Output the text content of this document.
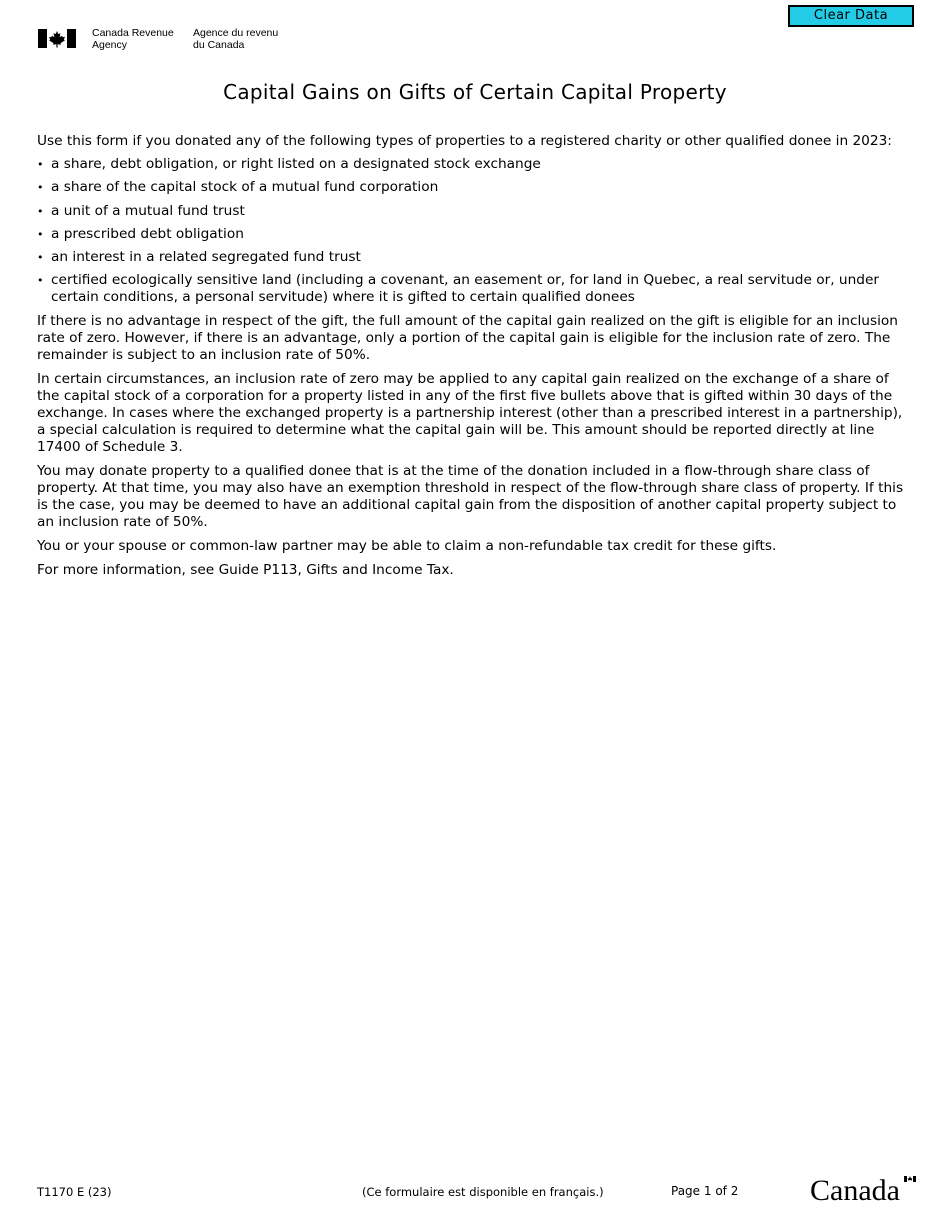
Clear Data
Canada Revenue
Agency
Agence du revenu
du Canada
Capital Gains on Gifts of Certain Capital Property

Use this form if you donated any of the following types of properties to a registered charity or other qualified donee in 2023:

• a share, debt obligation, or right listed on a designated stock exchange
• a share of the capital stock of a mutual fund corporation
• a unit of a mutual fund trust
• a prescribed debt obligation
• an interest in a related segregated fund trust
• certified ecologically sensitive land (including a covenant, an easement or, for land in Quebec, a real servitude or, under certain conditions, a personal servitude) where it is gifted to certain qualified donees

If there is no advantage in respect of the gift, the full amount of the capital gain realized on the gift is eligible for an inclusion rate of zero. However, if there is an advantage, only a portion of the capital gain is eligible for the inclusion rate of zero. The remainder is subject to an inclusion rate of 50%.

In certain circumstances, an inclusion rate of zero may be applied to any capital gain realized on the exchange of a share of the capital stock of a corporation for a property listed in any of the first five bullets above that is gifted within 30 days of the exchange. In cases where the exchanged property is a partnership interest (other than a prescribed interest in a partnership), a special calculation is required to determine what the capital gain will be. This amount should be reported directly at line 17400 of Schedule 3.

You may donate property to a qualified donee that is at the time of the donation included in a flow-through share class of property. At that time, you may also have an exemption threshold in respect of the flow-through share class of property. If this is the case, you may be deemed to have an additional capital gain from the disposition of another capital property subject to an inclusion rate of 50%.

You or your spouse or common-law partner may be able to claim a non-refundable tax credit for these gifts.

For more information, see Guide P113, Gifts and Income Tax.

T1170 E (23)	(Ce formulaire est disponible en français.)	Page 1 of 2 Canada
